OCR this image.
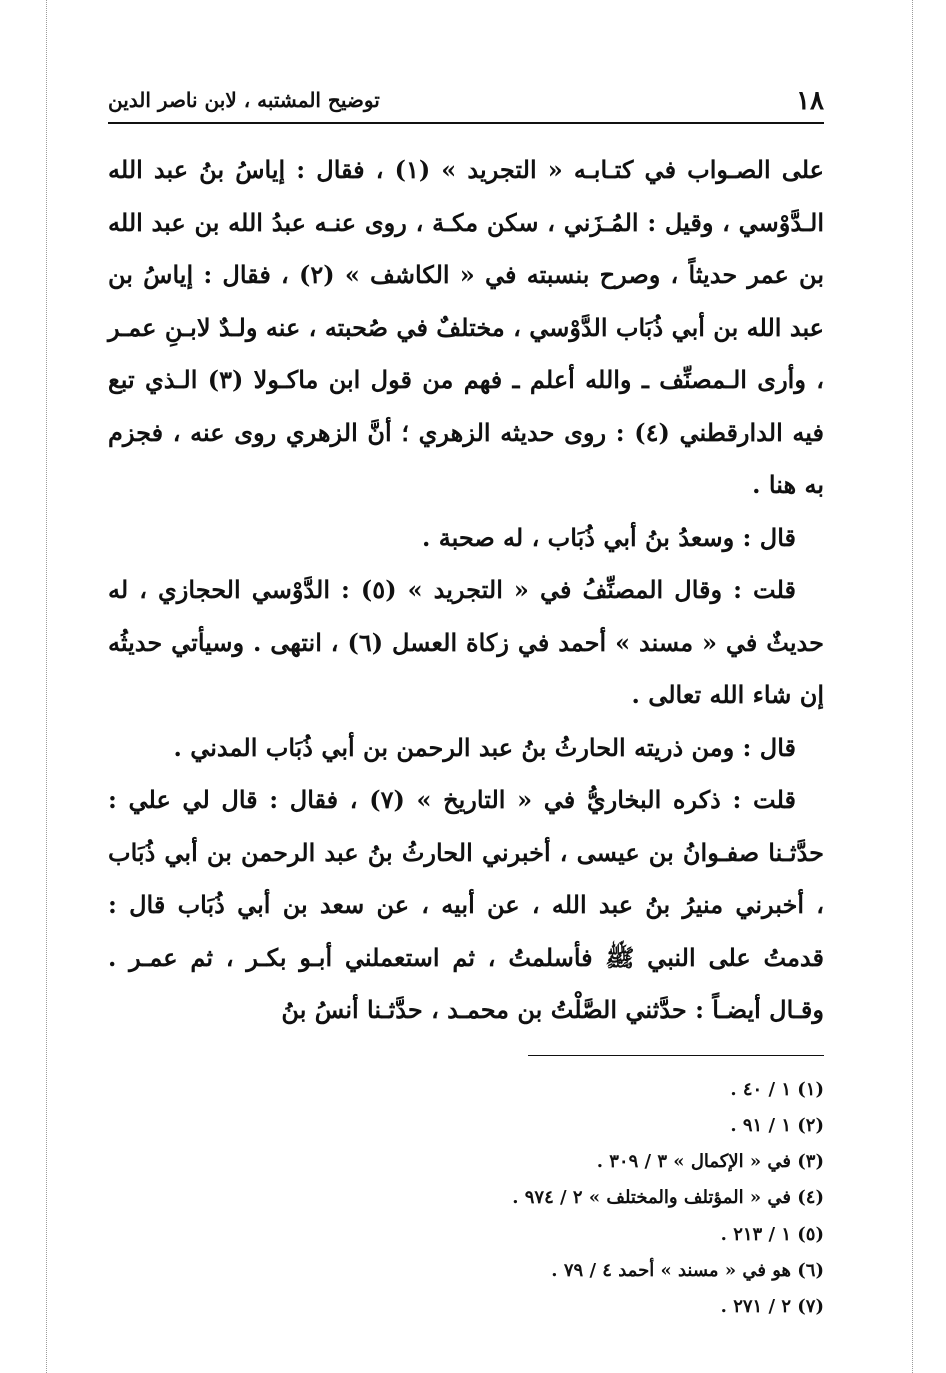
١٨
توضيح المشتبه ، لابن ناصر الدين

على الصـواب في كتـابـه « التجريد » (١) ، فقال : إياسُ بنُ عبد الله الـدَّوْسي ، وقيل : المُـزَني ، سكن مكـة ، روى عنـه عبدُ الله بن عبد الله بن عمر حديثاً ، وصرح بنسبته في « الكاشف » (٢) ، فقال : إياسُ بن عبد الله بن أبي ذُبَاب الدَّوْسي ، مختلفٌ في صُحبته ، عنه ولـدٌ لابـنِ عمـر ، وأرى الـمصنِّف ـ والله أعلم ـ فهم من قول ابن ماكـولا (٣) الـذي تبع فيه الدارقطني (٤) : روى حديثه الزهري ؛ أنَّ الزهري روى عنه ، فجزم به هنا .

قال : وسعدُ بنُ أبي ذُبَاب ، له صحبة .

قلت : وقال المصنِّفُ في « التجريد » (٥) : الدَّوْسي الحجازي ، له حديثٌ في « مسند » أحمد في زكاة العسل (٦) ، انتهى . وسيأتي حديثُه إن شاء الله تعالى .

قال : ومن ذريته الحارثُ بنُ عبد الرحمن بن أبي ذُبَاب المدني .

قلت : ذكره البخاريُّ في « التاريخ » (٧) ، فقال : قال لي علي : حدَّثـنا صفـوانُ بن عيسى ، أخبرني الحارثُ بنُ عبد الرحمن بن أبي ذُبَاب ، أخبرني منيرُ بنُ عبد الله ، عن أبيه ، عن سعد بن أبي ذُبَاب قال : قدمتُ على النبي ﷺ فأسلمتُ ، ثم استعملني أبـو بكـر ، ثم عمـر . وقـال أيضـاً : حدَّثني الصَّلْتُ بن محمـد ، حدَّثـنا أنسُ بنُ

(١) ١ / ٤٠ .

(٢) ١ / ٩١ .

(٣) في « الإكمال » ٣ / ٣٠٩ .

(٤) في « المؤتلف والمختلف » ٢ / ٩٧٤ .

(٥) ١ / ٢١٣ .

(٦) هو في « مسند » أحمد ٤ / ٧٩ .

(٧) ٢ / ٢٧١ .
